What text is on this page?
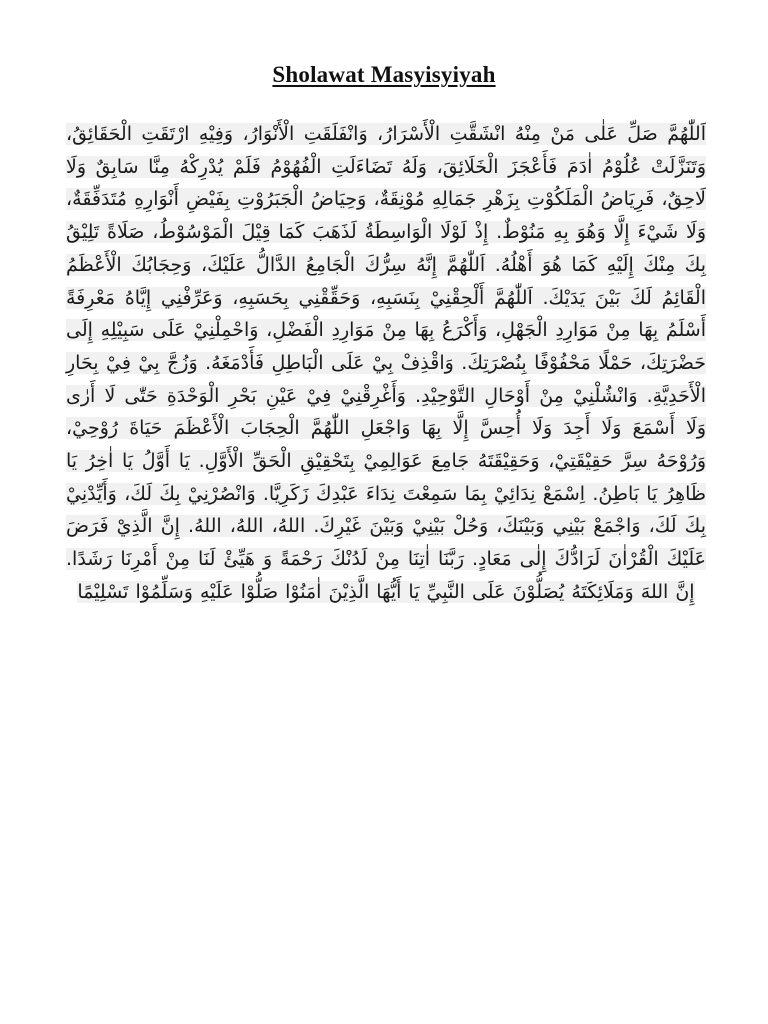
Sholawat Masyisyiyah
اَللّٰهُمَّ صَلِّ عَلٰى مَنْ مِنْهُ انْشَقَّتِ الْأَسْرَارُ، وَانْفَلَقَتِ الْأَنْوَارُ، وَفِيْهِ ارْتَقَتِ الْحَقَائِقُ، وَتَنَزَّلَتْ عُلُوْمُ اٰدَمَ فَأَعْجَزَ الْخَلَائِقَ، وَلَهُ تَضَاءَلَتِ الْفُهُوْمُ فَلَمْ يُدْرِكْهُ مِنَّا سَابِقٌ وَلَا لَاحِقٌ، فَرِيَاضُ الْمَلَكُوْتِ بِزَهْرِ جَمَالِهِ مُوْنِقَةٌ، وَحِيَاضُ الْجَبَرُوْتِ بِفَيْضِ أَنْوَارِهِ مُتَدَفِّقَةٌ، وَلَا شَيْءَ إِلَّا وَهُوَ بِهِ مَنُوْطٌ. إِذْ لَوْلَا الْوَاسِطَةُ لَذَهَبَ كَمَا قِيْلَ الْمَوْسُوْطُ، صَلَاةً تَلِيْقُ بِكَ مِنْكَ إِلَيْهِ كَمَا هُوَ أَهْلُهُ. اَللّٰهُمَّ إِنَّهُ سِرُّكَ الْجَامِعُ الدَّالُّ عَلَيْكَ، وَحِجَابُكَ الْأَعْظَمُ الْقَائِمُ لَكَ بَيْنَ يَدَيْكَ. اَللّٰهُمَّ أَلْحِقْنِيْ بِنَسَبِهِ، وَحَقِّقْنِي بِحَسَبِهِ، وَعَرِّفْنِي إِيَّاهُ مَعْرِفَةً أَسْلَمُ بِهَا مِنْ مَوَارِدِ الْجَهْلِ، وَأَكْرَعُ بِهَا مِنْ مَوَارِدِ الْفَضْلِ، وَاحْمِلْنِيْ عَلَى سَبِيْلِهِ إِلَى حَضْرَتِكَ، حَمْلًا مَحْفُوْفًا بِنُصْرَتِكَ. وَاقْذِفْ بِيْ عَلَى الْبَاطِلِ فَأَدْمَغَهُ. وَزُجَّ بِيْ فِيْ بِحَارِ الْأَحَدِيَّةِ. وَانْشُلْنِيْ مِنْ أَوْحَالِ التَّوْحِيْدِ. وَأَغْرِقْنِيْ فِيْ عَيْنِ بَحْرِ الْوَحْدَةِ حَتّٰى لَا أَرٰى وَلَا أَسْمَعَ وَلَا أَجِدَ وَلَا أُحِسَّ إِلَّا بِهَا وَاجْعَلِ اللّٰهُمَّ الْحِجَابَ الْأَعْظَمَ حَيَاةَ رُوْحِيْ، وَرُوْحَهُ سِرَّ حَقِيْقَتِيْ، وَحَقِيْقَتَهُ جَامِعَ عَوَالِمِيْ بِتَحْقِيْقِ الْحَقِّ الْأَوَّلِ. يَا أَوَّلُ يَا اٰخِرُ يَا ظَاهِرُ يَا بَاطِنُ. اِسْمَعْ نِدَائِيْ بِمَا سَمِعْتَ نِدَاءَ عَبْدِكَ زَكَرِيَّا. وَانْصُرْنِيْ بِكَ لَكَ، وَأَيِّدْنِيْ بِكَ لَكَ، وَاجْمَعْ بَيْنِي وَبَيْنَكَ، وَحُلْ بَيْنِيْ وَبَيْنَ غَيْرِكَ. اللهُ، اللهُ، اللهُ. إِنَّ الَّذِيْ فَرَضَ عَلَيْكَ الْقُرْاٰنَ لَرَادُّكَ إِلٰى مَعَادٍ. رَبَّنَا اٰتِنَا مِنْ لَدُنْكَ رَحْمَةً وَ هَيِّئْ لَنَا مِنْ أَمْرِنَا رَشَدًا. إِنَّ اللهَ وَمَلَائِكَتَهُ يُصَلُّوْنَ عَلَى النَّبِيِّ يَا أَيُّهَا الَّذِيْنَ اٰمَنُوْا صَلُّوْا عَلَيْهِ وَسَلِّمُوْا تَسْلِيْمًا
